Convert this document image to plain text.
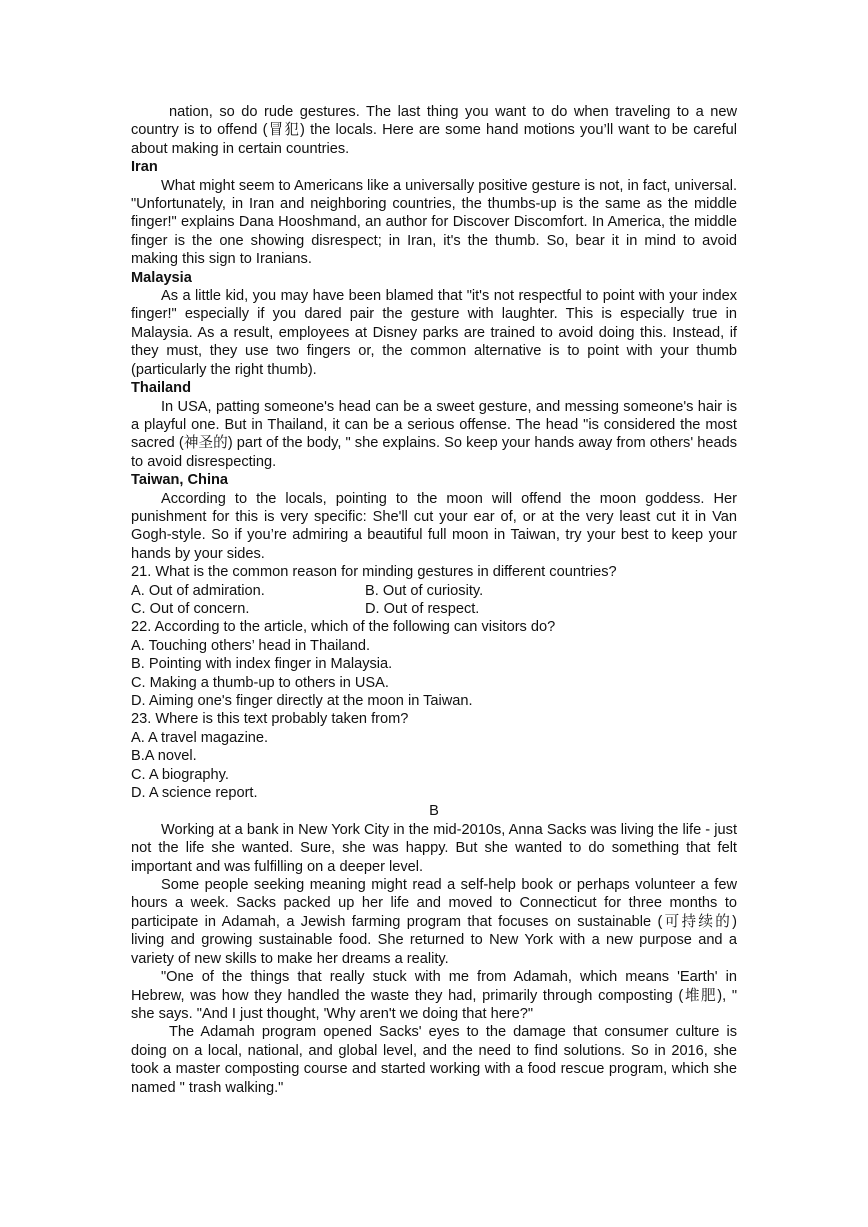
nation, so do rude gestures. The last thing you want to do when traveling to a new country is to offend (冒犯) the locals. Here are some hand motions you’ll want to be careful about making in certain countries.

Iran

What might seem to Americans like a universally positive gesture is not, in fact, universal. "Unfortunately, in Iran and neighboring countries, the thumbs-up is the same as the middle finger!" explains Dana Hooshmand, an author for Discover Discomfort. In America, the middle finger is the one showing disrespect; in Iran, it's the thumb. So, bear it in mind to avoid making this sign to Iranians.

Malaysia

As a little kid, you may have been blamed that "it's not respectful to point with your index finger!" especially if you dared pair the gesture with laughter. This is especially true in Malaysia. As a result, employees at Disney parks are trained to avoid doing this. Instead, if they must, they use two fingers or, the common alternative is to point with your thumb (particularly the right thumb).

Thailand

In USA, patting someone's head can be a sweet gesture, and messing someone's hair is a playful one. But in Thailand, it can be a serious offense. The head "is considered the most sacred (神圣的) part of the body, " she explains. So keep your hands away from others' heads to avoid disrespecting.

Taiwan, China

According to the locals, pointing to the moon will offend the moon goddess. Her punishment for this is very specific: She'll cut your ear of, or at the very least cut it in Van Gogh-style. So if you’re admiring a beautiful full moon in Taiwan, try your best to keep your hands by your sides.

21. What is the common reason for minding gestures in different countries?

A. Out of admiration.	B. Out of curiosity.
C. Out of concern.	D. Out of respect.

22. According to the article, which of the following can visitors do?

A. Touching others’ head in Thailand.

B. Pointing with index finger in Malaysia.

C. Making a thumb-up to others in USA.

D. Aiming one's finger directly at the moon in Taiwan.

23. Where is this text probably taken from?

A. A travel magazine.

B.A novel.

C. A biography.

D. A science report.

B

Working at a bank in New York City in the mid-2010s, Anna Sacks was living the life - just not the life she wanted. Sure, she was happy. But she wanted to do something that felt important and was fulfilling on a deeper level.

Some people seeking meaning might read a self-help book or perhaps volunteer a few hours a week. Sacks packed up her life and moved to Connecticut for three months to participate in Adamah, a Jewish farming program that focuses on sustainable (可持续的) living and growing sustainable food. She returned to New York with a new purpose and a variety of new skills to make her dreams a reality.

"One of the things that really stuck with me from Adamah, which means 'Earth' in Hebrew, was how they handled the waste they had, primarily through composting (堆肥), " she says. "And I just thought, 'Why aren't we doing that here?"

The Adamah program opened Sacks' eyes to the damage that consumer culture is doing on a local, national, and global level, and the need to find solutions. So in 2016, she took a master composting course and started working with a food rescue program, which she named " trash walking."
